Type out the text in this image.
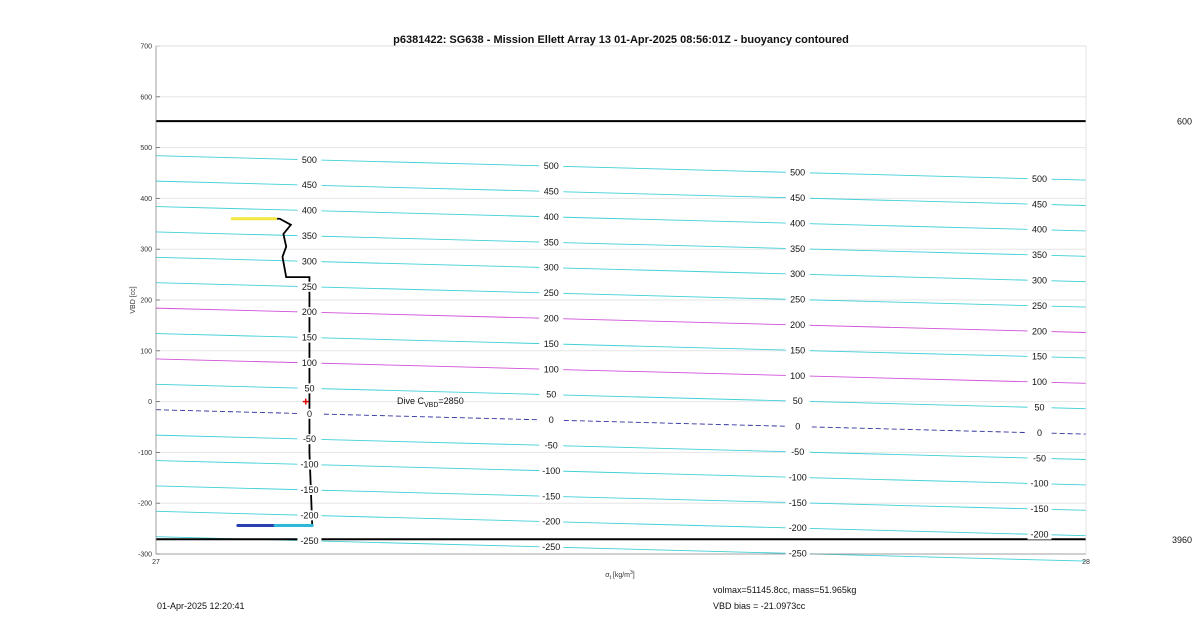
600
3960
-300
-200
-100
0
100
200
300
400
500
600
700
27	28
-250
-250
-250
-200
-200
-200
-200
-150
-150
-150
-150
-100
-100
-100
-100
-50
-50
-50
-50
0
0
0
0
50
50
50
50
100
100
100
100
150
150
150
150
200
200
200
200
250
250
250
250
300
300
300
300
350
350
350
350
400
400
400
400
450
450
450
450
500
500
500
500
p6381422: SG638 - Mission Ellett Array 13 01-Apr-2025 08:56:01Z - buoyancy contoured
VBD [cc]
$\sigma_t$ $[kg/m^3]$
Dive $C_{VBD}=2850$
01-Apr-2025 12:20:41
volmax=51145.8cc, mass=51.965kg
VBD bias = -21.0973cc
